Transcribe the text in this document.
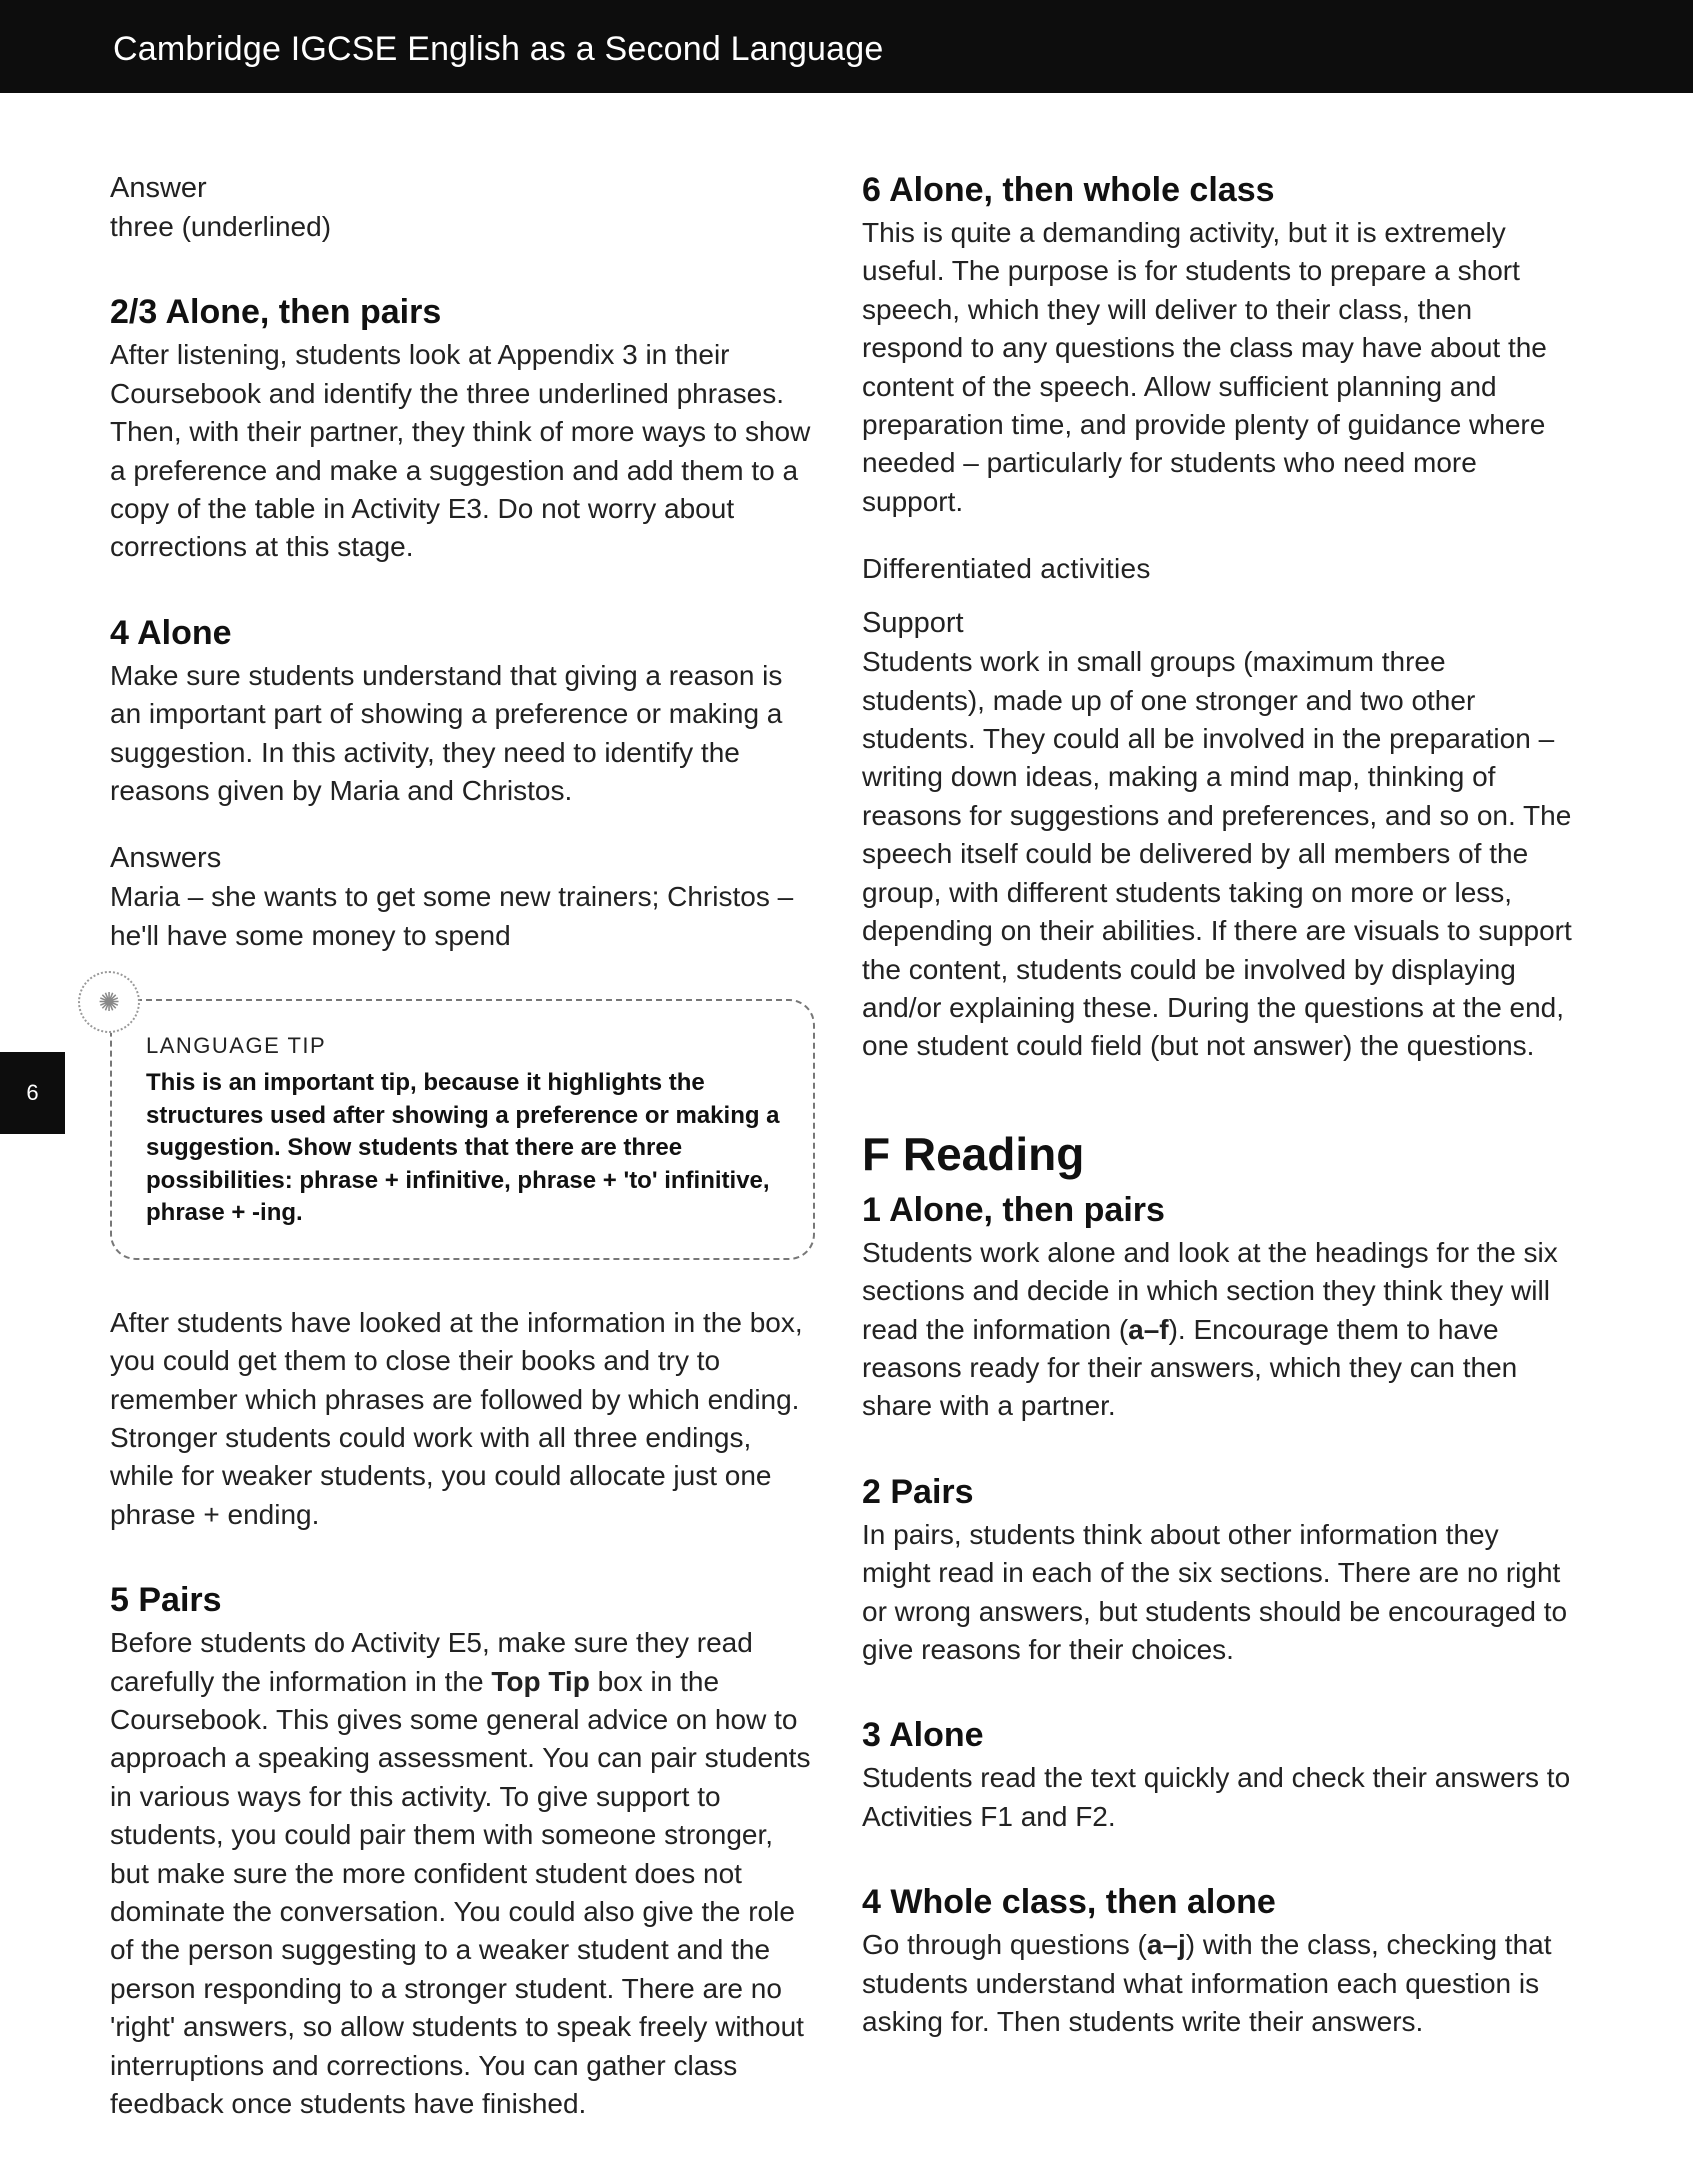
Cambridge IGCSE English as a Second Language
6

Answer

three (underlined)

2/3 Alone, then pairs

After listening, students look at Appendix 3 in their Coursebook and identify the three underlined phrases. Then, with their partner, they think of more ways to show a preference and make a suggestion and add them to a copy of the table in Activity E3. Do not worry about corrections at this stage.

4 Alone

Make sure students understand that giving a reason is an important part of showing a preference or making a suggestion. In this activity, they need to identify the reasons given by Maria and Christos.

Answers

Maria – she wants to get some new trainers; Christos – he'll have some money to spend

✺

LANGUAGE TIP

This is an important tip, because it highlights the structures used after showing a preference or making a suggestion. Show students that there are three possibilities: phrase + infinitive, phrase + 'to' infinitive, phrase + -ing.

After students have looked at the information in the box, you could get them to close their books and try to remember which phrases are followed by which ending. Stronger students could work with all three endings, while for weaker students, you could allocate just one phrase + ending.

5 Pairs

Before students do Activity E5, make sure they read carefully the information in the Top Tip box in the Coursebook. This gives some general advice on how to approach a speaking assessment. You can pair students in various ways for this activity. To give support to students, you could pair them with someone stronger, but make sure the more confident student does not dominate the conversation. You could also give the role of the person suggesting to a weaker student and the person responding to a stronger student. There are no 'right' answers, so allow students to speak freely without interruptions and corrections. You can gather class feedback once students have finished.

6 Alone, then whole class

This is quite a demanding activity, but it is extremely useful. The purpose is for students to prepare a short speech, which they will deliver to their class, then respond to any questions the class may have about the content of the speech. Allow sufficient planning and preparation time, and provide plenty of guidance where needed – particularly for students who need more support.

Differentiated activities

Support

Students work in small groups (maximum three students), made up of one stronger and two other students. They could all be involved in the preparation – writing down ideas, making a mind map, thinking of reasons for suggestions and preferences, and so on. The speech itself could be delivered by all members of the group, with different students taking on more or less, depending on their abilities. If there are visuals to support the content, students could be involved by displaying and/or explaining these. During the questions at the end, one student could field (but not answer) the questions.

F Reading
1 Alone, then pairs

Students work alone and look at the headings for the six sections and decide in which section they think they will read the information (a–f). Encourage them to have reasons ready for their answers, which they can then share with a partner.

2 Pairs

In pairs, students think about other information they might read in each of the six sections. There are no right or wrong answers, but students should be encouraged to give reasons for their choices.

3 Alone

Students read the text quickly and check their answers to Activities F1 and F2.

4 Whole class, then alone

Go through questions (a–j) with the class, checking that students understand what information each question is asking for. Then students write their answers.
